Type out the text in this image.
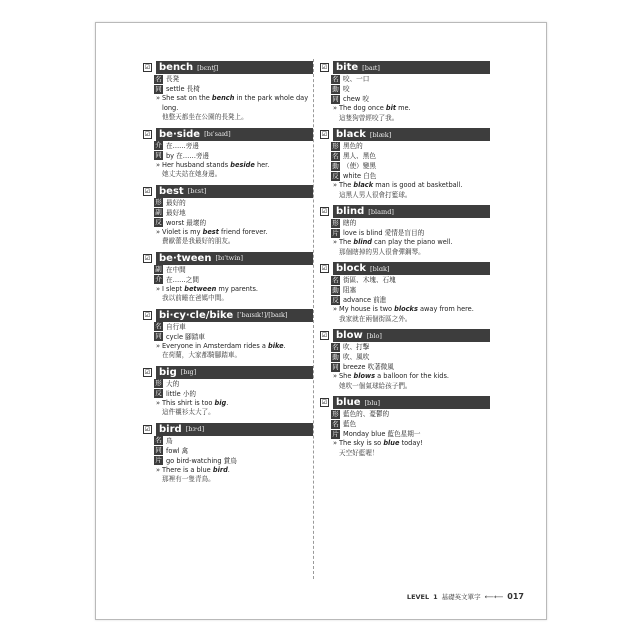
☑ bench [bɛntʃ]
名 長凳
同 settle 長椅
» She sat on the bench in the park whole day long.
他整天都坐在公園的長凳上。
☑ be·side [bɪˈsaɪd]
介 在……旁邊
同 by 在……旁邊
» Her husband stands beside her.
她丈夫站在她身邊。
☑ best [bɛst]
形 最好的
副 最好地
反 worst 最壞的
» Violet is my best friend forever.
費歐蕾是我最好的朋友。
☑ be·tween [bɪˈtwin]
副 在中間
介 在……之間
» I slept between my parents.
我以前睡在爸媽中間。
☑ bi·cy·cle/bike [ˈbaɪsɪk!]/[baɪk]
名 自行車
同 cycle 腳踏車
» Everyone in Amsterdam rides a bike.
在荷蘭，大家都騎腳踏車。
☑ big [bɪg]
形 大的
反 little 小的
» This shirt is too big.
這件襯衫太大了。
☑ bird [bɝd]
名 鳥
同 fowl 禽
片 go bird-watching 賞鳥
» There is a blue bird.
那裡有一隻青鳥。
☑ bite [baɪt]
名 咬、一口
動 咬
同 chew 咬
» The dog once bit me.
這隻狗曾經咬了我。
☑ black [blæk]
形 黑色的
名 黑人、黑色
動 （使）變黑
反 white 白色
» The black man is good at basketball.
這黑人男人很會打籃球。
☑ blind [blaɪnd]
形 瞎的
片 love is blind 愛情是盲目的
» The blind can play the piano well.
那個瞎掉的男人很會彈鋼琴。
☑ block [blɑk]
名 街區、木塊、石塊
動 阻塞
反 advance 前進
» My house is two blocks away from here.
我家就在兩個街區之外。
☑ blow [blo]
名 吹、打擊
動 吹、風吹
同 breeze 吹著微風
» She blows a balloon for the kids.
她吹一個氣球給孩子們。
☑ blue [blu]
形 藍色的、憂鬱的
名 藍色
片 Monday blue 藍色星期一
» The sky is so blue today!
天空好藍喔！
LEVEL 1 基礎英文單字 ⟵⟵ 017
